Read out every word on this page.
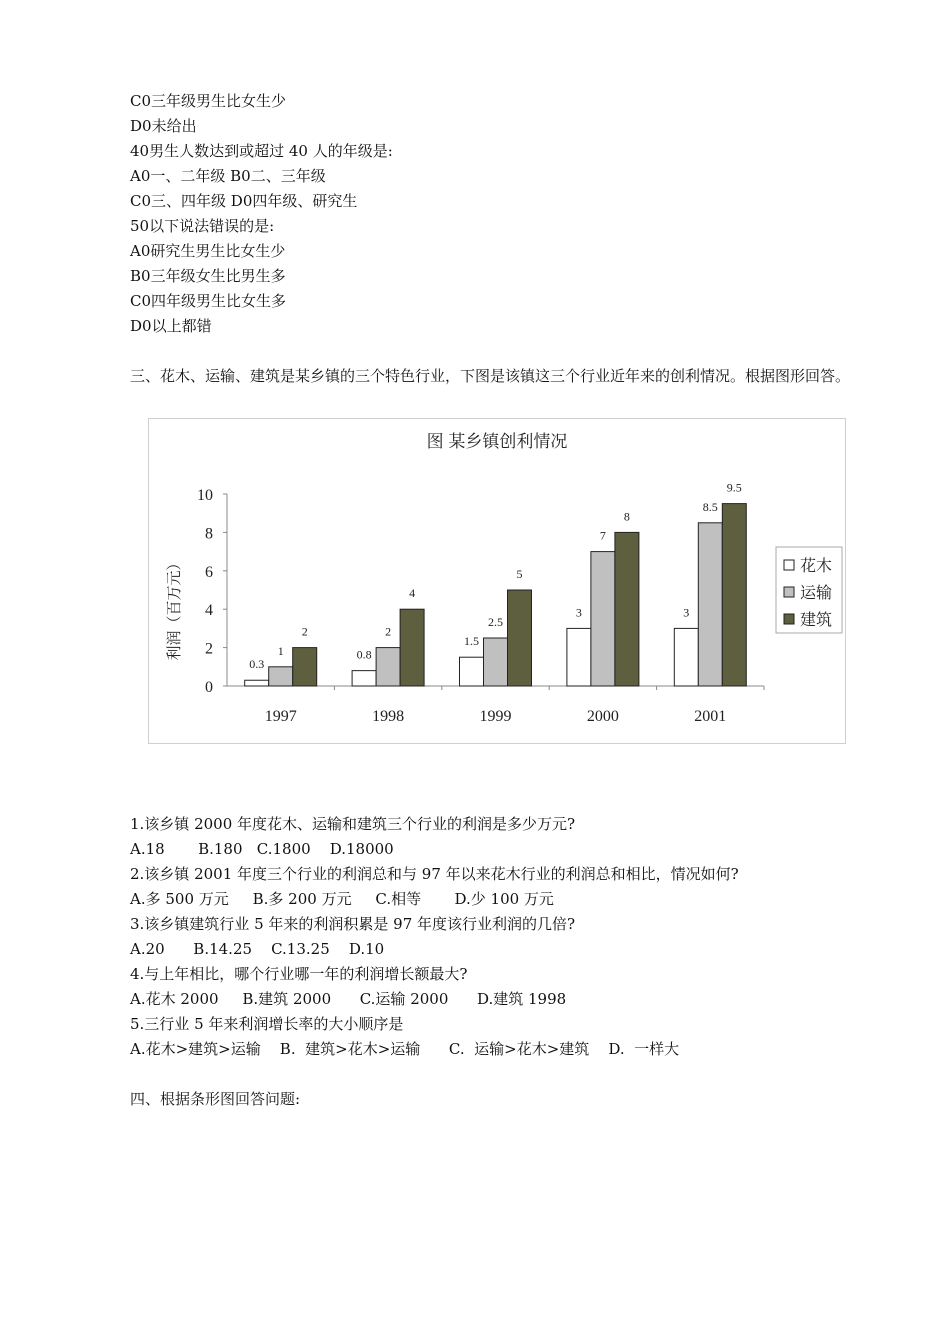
C0三年级男生比女生少
D0未给出
40男生人数达到或超过 40 人的年级是:
A0一、二年级 B0二、三年级
C0三、四年级 D0四年级、研究生
50以下说法错误的是:
A0研究生男生比女生少
B0三年级女生比男生多
C0四年级男生比女生多
D0以上都错
三、花木、运输、建筑是某乡镇的三个特色行业，下图是该镇这三个行业近年来的创利情况。根据图形回答。
图 某乡镇创利情况
利润（百万元）
0
2
4
6
8
10
0.3
1
2
1997
0.8
2
4
1998
1.5
2.5
5
1999
3
7
8
2000
3
8.5
9.5
2001
花木
运输
建筑
1.该乡镇 2000 年度花木、运输和建筑三个行业的利润是多少万元?
A.18       B.180   C.1800    D.18000
2.该乡镇 2001 年度三个行业的利润总和与 97 年以来花木行业的利润总和相比，情况如何?
A.多 500 万元     B.多 200 万元     C.相等       D.少 100 万元
3.该乡镇建筑行业 5 年来的利润积累是 97 年度该行业利润的几倍?
A.20      B.14.25    C.13.25    D.10
4.与上年相比，哪个行业哪一年的利润增长额最大?
A.花木 2000     B.建筑 2000      C.运输 2000      D.建筑 1998
5.三行业 5 年来利润增长率的大小顺序是
A.花木>建筑>运输    B.  建筑>花木>运输      C.  运输>花木>建筑    D.  一样大
四、根据条形图回答问题:
